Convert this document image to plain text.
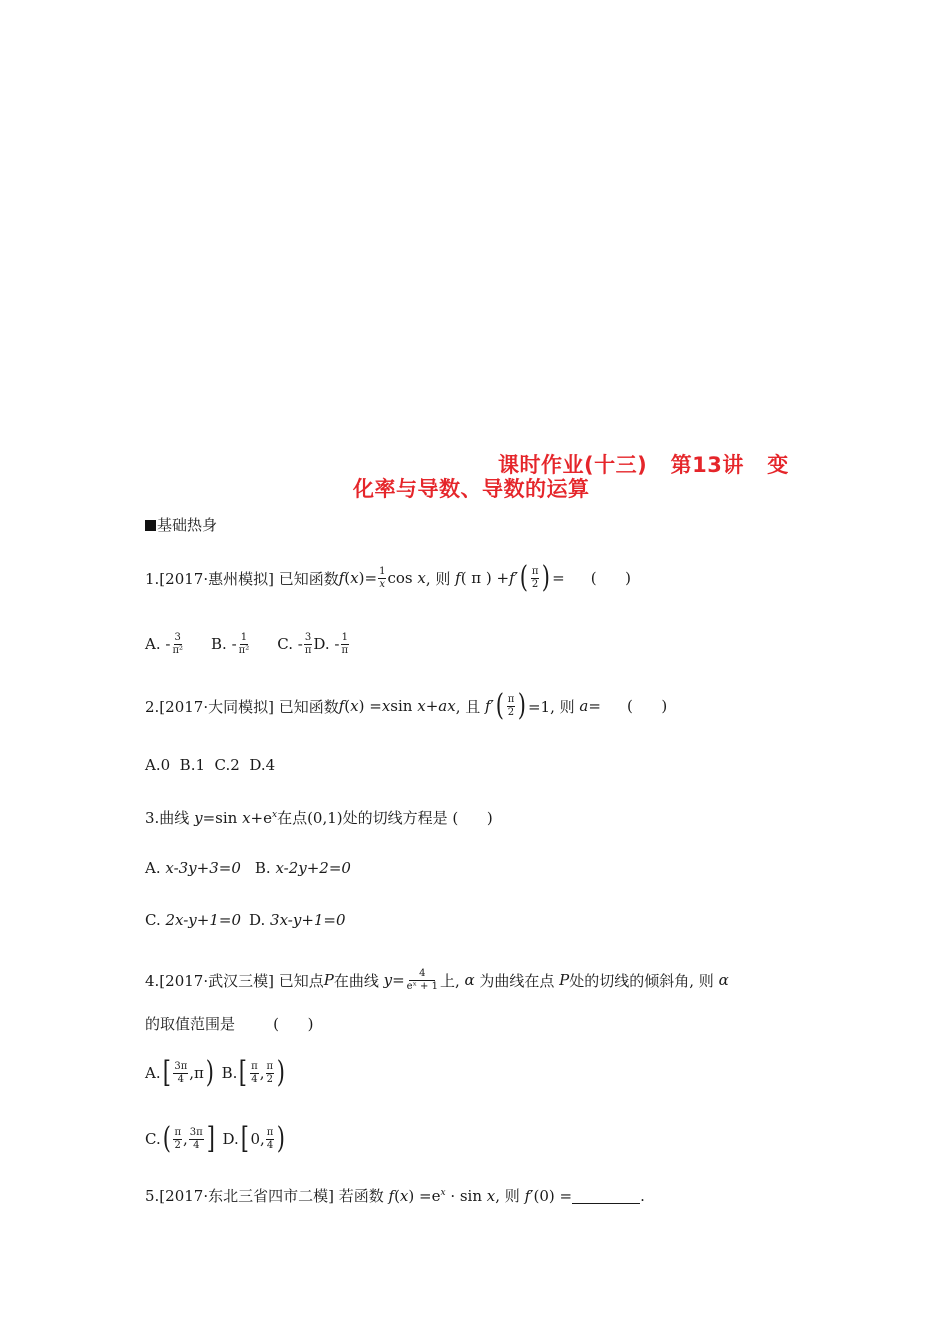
课时作业(十三)   第13讲   变
化率与导数、导数的运算
基础热身
1.[2017·惠州模拟] 已知函数 f ( x ) = $\frac{1}{x}$ cos x , 则 f ( π ) + f ′ ( $\frac{\pi}{2}$ ) = (      )
A. - $\frac{3}{\text{π²}} B$. - $\frac{1}{\text{π²}} C$. - $\frac{3}{\pi} D$. - $\frac{1}{\pi}$
2.[2017·大同模拟] 已知函数 f ( x ) = x sin x + ax , 且 f ′ ( $\frac{\pi}{2}$ ) =1, 则 a = (      )
A.0  B.1  C.2  D.4
3.曲线 y=sin $x+e^x$在点(0,1)处的切线方程是 (      )
A. x-3y+3=0 B. x-2y+2=0
C. 2x-y+1=0 D. 3x-y+1=0
4.[2017·武汉三模] 已知点 P 在曲线 $y = \frac{4}{\text{eˣ + 1}}$ 上, α 为曲线在点 P 处的切线的倾斜角, 则 α
的取值范围是        (      )
A. [ $\frac{3\pi}{4} ,\pi$ ) B. [ $\frac{\pi}{4}$ , $\frac{\pi}{2}$ )
C. ( $\frac{\pi}{2}$ , $\frac{3\pi}{4}$ ] D. [ 0, $\frac{\pi}{4}$ )
5.[2017·东北三省四市二模] 若函数 $f(x) =e^x \cdot \sin x$, 则 f′(0) =	.
